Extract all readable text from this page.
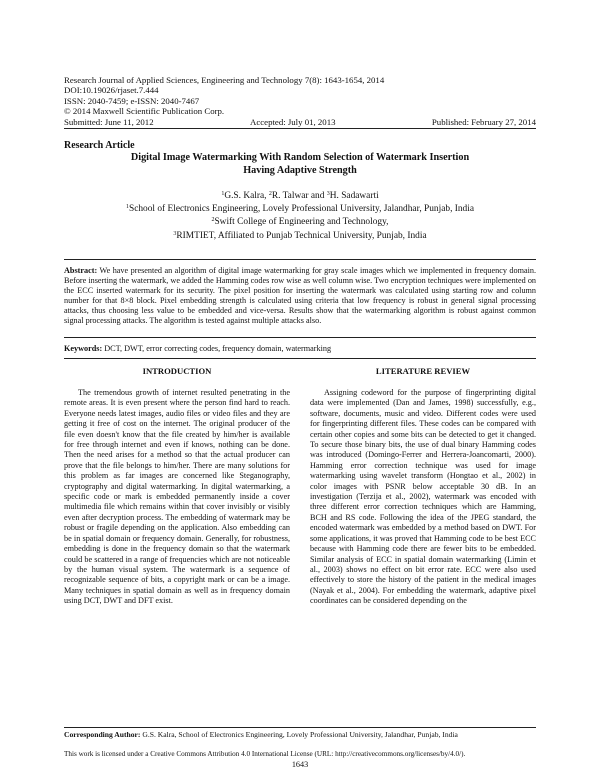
Research Journal of Applied Sciences, Engineering and Technology 7(8): 1643-1654, 2014
DOI:10.19026/rjaset.7.444
ISSN: 2040-7459; e-ISSN: 2040-7467
© 2014 Maxwell Scientific Publication Corp.
Submitted: June 11, 2012	Accepted: July 01, 2013	Published: February 27, 2014
Research Article
Digital Image Watermarking With Random Selection of Watermark Insertion
Having Adaptive Strength
$^1$G.S. Kalra, $^2$R. Talwar and $^3$H. Sadawarti
$^1$School of Electronics Engineering, Lovely Professional University, Jalandhar, Punjab, India
$^2$Swift College of Engineering and Technology,
$^3$RIMTIET, Affiliated to Punjab Technical University, Punjab, India
Abstract: We have presented an algorithm of digital image watermarking for gray scale images which we implemented in frequency domain. Before inserting the watermark, we added the Hamming codes row wise as well column wise. Two encryption techniques were implemented on the ECC inserted watermark for its security. The pixel position for inserting the watermark was calculated using starting row and column number for that 8×8 block. Pixel embedding strength is calculated using criteria that low frequency is robust in general signal processing attacks, thus choosing less value to be embedded and vice-versa. Results show that the watermarking algorithm is robust against common signal processing attacks. The algorithm is tested against multiple attacks also.
Keywords: DCT, DWT, error correcting codes, frequency domain, watermarking
INTRODUCTION

The tremendous growth of internet resulted penetrating in the remote areas. It is even present where the person find hard to reach. Everyone needs latest images, audio files or video files and they are getting it free of cost on the internet. The original producer of the file even doesn't know that the file created by him/her is available for free through internet and even if knows, nothing can be done. Then the need arises for a method so that the actual producer can prove that the file belongs to him/her. There are many solutions for this problem as far images are concerned like Steganography, cryptography and digital watermarking. In digital watermarking, a specific code or mark is embedded permanently inside a cover multimedia file which remains within that cover invisibly or visibly even after decryption process. The embedding of watermark may be robust or fragile depending on the application. Also embedding can be in spatial domain or frequency domain. Generally, for robustness, embedding is done in the frequency domain so that the watermark could be scattered in a range of frequencies which are not noticeable by the human visual system. The watermark is a sequence of recognizable sequence of bits, a copyright mark or can be a image. Many techniques in spatial domain as well as in frequency domain using DCT, DWT and DFT exist.

LITERATURE REVIEW

Assigning codeword for the purpose of fingerprinting digital data were implemented (Dan and James, 1998) successfully, e.g., software, documents, music and video. Different codes were used for fingerprinting different files. These codes can be compared with certain other copies and some bits can be detected to get it changed. To secure those binary bits, the use of dual binary Hamming codes was introduced (Domingo-Ferrer and Herrera-Joancomarti, 2000). Hamming error correction technique was used for image watermarking using wavelet transform (Hongtao et al., 2002) in color images with PSNR below acceptable 30 dB. In an investigation (Terzija et al., 2002), watermark was encoded with three different error correction techniques which are Hamming, BCH and RS code. Following the idea of the JPEG standard, the encoded watermark was embedded by a method based on DWT. For some applications, it was proved that Hamming code to be best ECC because with Hamming code there are fewer bits to be embedded. Similar analysis of ECC in spatial domain watermarking (Limin et al., 2003) shows no effect on bit error rate. ECC were also used effectively to store the history of the patient in the medical images (Nayak et al., 2004). For embedding the watermark, adaptive pixel coordinates can be considered depending on the

Corresponding Author: G.S. Kalra, School of Electronics Engineering, Lovely Professional University, Jalandhar, Punjab, India
This work is licensed under a Creative Commons Attribution 4.0 International License (URL: http://creativecommons.org/licenses/by/4.0/).
1643
